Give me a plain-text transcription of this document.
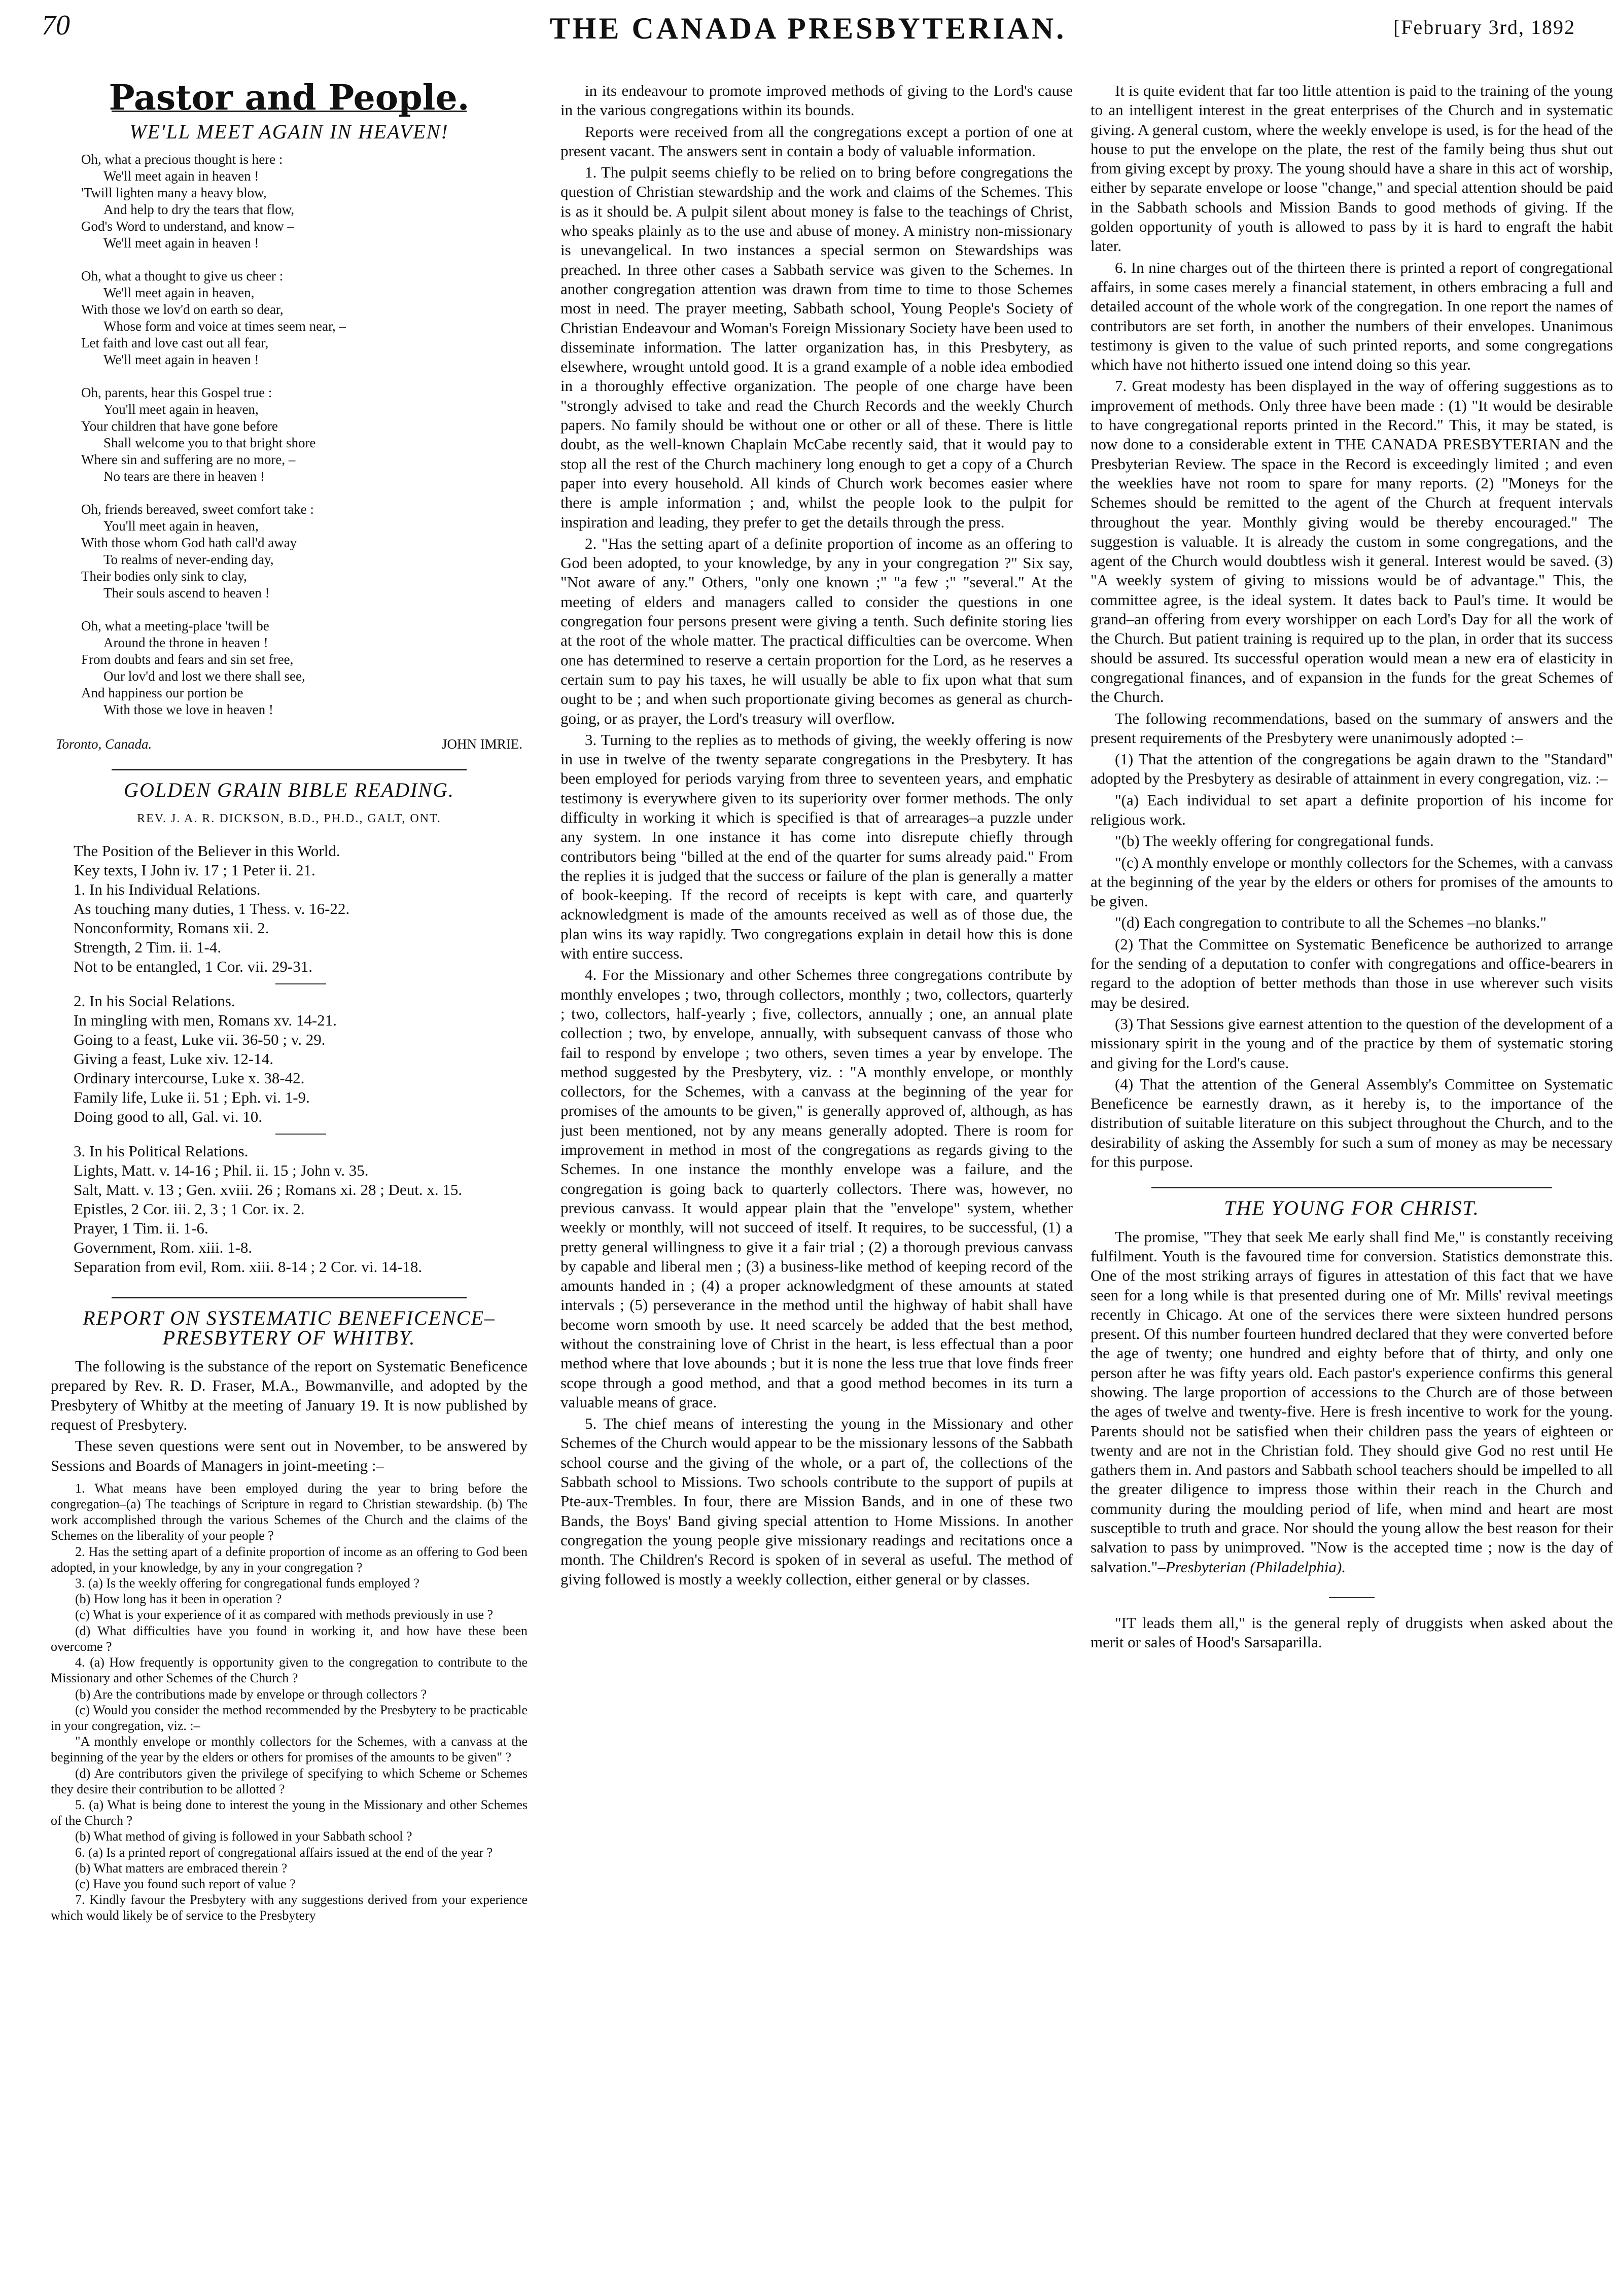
70	THE CANADA PRESBYTERIAN.	[February 3rd, 1892
Pastor and People.
WE'LL MEET AGAIN IN HEAVEN!
Oh, what a precious thought is here :
We'll meet again in heaven !
'Twill lighten many a heavy blow,
And help to dry the tears that flow,
God's Word to understand, and know –
We'll meet again in heaven !
Oh, what a thought to give us cheer :
We'll meet again in heaven,
With those we lov'd on earth so dear,
Whose form and voice at times seem near, –
Let faith and love cast out all fear,
We'll meet again in heaven !
Oh, parents, hear this Gospel true :
You'll meet again in heaven,
Your children that have gone before
Shall welcome you to that bright shore
Where sin and suffering are no more, –
No tears are there in heaven !
Oh, friends bereaved, sweet comfort take :
You'll meet again in heaven,
With those whom God hath call'd away
To realms of never-ending day,
Their bodies only sink to clay,
Their souls ascend to heaven !
Oh, what a meeting-place 'twill be
Around the throne in heaven !
From doubts and fears and sin set free,
Our lov'd and lost we there shall see,
And happiness our portion be
With those we love in heaven !
Toronto, Canada.	JOHN IMRIE.
GOLDEN GRAIN BIBLE READING.
REV. J. A. R. DICKSON, B.D., PH.D., GALT, ONT.
The Position of the Believer in this World.
Key texts, I John iv. 17 ; 1 Peter ii. 21.
1. In his Individual Relations.
As touching many duties, 1 Thess. v. 16-22.
Nonconformity, Romans xii. 2.
Strength, 2 Tim. ii. 1-4.
Not to be entangled, 1 Cor. vii. 29-31.
2. In his Social Relations.
In mingling with men, Romans xv. 14-21.
Going to a feast, Luke vii. 36-50 ; v. 29.
Giving a feast, Luke xiv. 12-14.
Ordinary intercourse, Luke x. 38-42.
Family life, Luke ii. 51 ; Eph. vi. 1-9.
Doing good to all, Gal. vi. 10.
3. In his Political Relations.
Lights, Matt. v. 14-16 ; Phil. ii. 15 ; John v. 35.
Salt, Matt. v. 13 ; Gen. xviii. 26 ; Romans xi. 28 ; Deut. x. 15.
Epistles, 2 Cor. iii. 2, 3 ; 1 Cor. ix. 2.
Prayer, 1 Tim. ii. 1-6.
Government, Rom. xiii. 1-8.
Separation from evil, Rom. xiii. 8-14 ; 2 Cor. vi. 14-18.
REPORT ON SYSTEMATIC BENEFICENCE– PRESBYTERY OF WHITBY.

The following is the substance of the report on Systematic Beneficence prepared by Rev. R. D. Fraser, M.A., Bowmanville, and adopted by the Presbytery of Whitby at the meeting of January 19. It is now published by request of Presbytery.

These seven questions were sent out in November, to be answered by Sessions and Boards of Managers in joint-meeting :–

1. What means have been employed during the year to bring before the congregation–(a) The teachings of Scripture in regard to Christian stewardship. (b) The work accomplished through the various Schemes of the Church and the claims of the Schemes on the liberality of your people ?

2. Has the setting apart of a definite proportion of income as an offering to God been adopted, in your knowledge, by any in your congregation ?

3. (a) Is the weekly offering for congregational funds employed ?

(b) How long has it been in operation ?

(c) What is your experience of it as compared with methods previously in use ?

(d) What difficulties have you found in working it, and how have these been overcome ?

4. (a) How frequently is opportunity given to the congregation to contribute to the Missionary and other Schemes of the Church ?

(b) Are the contributions made by envelope or through collectors ?

(c) Would you consider the method recommended by the Presbytery to be practicable in your congregation, viz. :–

"A monthly envelope or monthly collectors for the Schemes, with a canvass at the beginning of the year by the elders or others for promises of the amounts to be given" ?

(d) Are contributors given the privilege of specifying to which Scheme or Schemes they desire their contribution to be allotted ?

5. (a) What is being done to interest the young in the Missionary and other Schemes of the Church ?

(b) What method of giving is followed in your Sabbath school ?

6. (a) Is a printed report of congregational affairs issued at the end of the year ?

(b) What matters are embraced therein ?

(c) Have you found such report of value ?

7. Kindly favour the Presbytery with any suggestions derived from your experience which would likely be of service to the Presbytery

in its endeavour to promote improved methods of giving to the Lord's cause in the various congregations within its bounds.

Reports were received from all the congregations except a portion of one at present vacant. The answers sent in contain a body of valuable information.

1. The pulpit seems chiefly to be relied on to bring before congregations the question of Christian stewardship and the work and claims of the Schemes. This is as it should be. A pulpit silent about money is false to the teachings of Christ, who speaks plainly as to the use and abuse of money. A ministry non-missionary is unevangelical. In two instances a special sermon on Stewardships was preached. In three other cases a Sabbath service was given to the Schemes. In another congregation attention was drawn from time to time to those Schemes most in need. The prayer meeting, Sabbath school, Young People's Society of Christian Endeavour and Woman's Foreign Missionary Society have been used to disseminate information. The latter organization has, in this Presbytery, as elsewhere, wrought untold good. It is a grand example of a noble idea embodied in a thoroughly effective organization. The people of one charge have been "strongly advised to take and read the Church Records and the weekly Church papers. No family should be without one or other or all of these. There is little doubt, as the well-known Chaplain McCabe recently said, that it would pay to stop all the rest of the Church machinery long enough to get a copy of a Church paper into every household. All kinds of Church work becomes easier where there is ample information ; and, whilst the people look to the pulpit for inspiration and leading, they prefer to get the details through the press.

2. "Has the setting apart of a definite proportion of income as an offering to God been adopted, to your knowledge, by any in your congregation ?" Six say, "Not aware of any." Others, "only one known ;" "a few ;" "several." At the meeting of elders and managers called to consider the questions in one congregation four persons present were giving a tenth. Such definite storing lies at the root of the whole matter. The practical difficulties can be overcome. When one has determined to reserve a certain proportion for the Lord, as he reserves a certain sum to pay his taxes, he will usually be able to fix upon what that sum ought to be ; and when such proportionate giving becomes as general as church-going, or as prayer, the Lord's treasury will overflow.

3. Turning to the replies as to methods of giving, the weekly offering is now in use in twelve of the twenty separate congregations in the Presbytery. It has been employed for periods varying from three to seventeen years, and emphatic testimony is everywhere given to its superiority over former methods. The only difficulty in working it which is specified is that of arrearages–a puzzle under any system. In one instance it has come into disrepute chiefly through contributors being "billed at the end of the quarter for sums already paid." From the replies it is judged that the success or failure of the plan is generally a matter of book-keeping. If the record of receipts is kept with care, and quarterly acknowledgment is made of the amounts received as well as of those due, the plan wins its way rapidly. Two congregations explain in detail how this is done with entire success.

4. For the Missionary and other Schemes three congregations contribute by monthly envelopes ; two, through collectors, monthly ; two, collectors, quarterly ; two, collectors, half-yearly ; five, collectors, annually ; one, an annual plate collection ; two, by envelope, annually, with subsequent canvass of those who fail to respond by envelope ; two others, seven times a year by envelope. The method suggested by the Presbytery, viz. : "A monthly envelope, or monthly collectors, for the Schemes, with a canvass at the beginning of the year for promises of the amounts to be given," is generally approved of, although, as has just been mentioned, not by any means generally adopted. There is room for improvement in method in most of the congregations as regards giving to the Schemes. In one instance the monthly envelope was a failure, and the congregation is going back to quarterly collectors. There was, however, no previous canvass. It would appear plain that the "envelope" system, whether weekly or monthly, will not succeed of itself. It requires, to be successful, (1) a pretty general willingness to give it a fair trial ; (2) a thorough previous canvass by capable and liberal men ; (3) a business-like method of keeping record of the amounts handed in ; (4) a proper acknowledgment of these amounts at stated intervals ; (5) perseverance in the method until the highway of habit shall have become worn smooth by use. It need scarcely be added that the best method, without the constraining love of Christ in the heart, is less effectual than a poor method where that love abounds ; but it is none the less true that love finds freer scope through a good method, and that a good method becomes in its turn a valuable means of grace.

5. The chief means of interesting the young in the Missionary and other Schemes of the Church would appear to be the missionary lessons of the Sabbath school course and the giving of the whole, or a part of, the collections of the Sabbath school to Missions. Two schools contribute to the support of pupils at Pte-aux-Trembles. In four, there are Mission Bands, and in one of these two Bands, the Boys' Band giving special attention to Home Missions. In another congregation the young people give missionary readings and recitations once a month. The Children's Record is spoken of in several as useful. The method of giving followed is mostly a weekly collection, either general or by classes.

It is quite evident that far too little attention is paid to the training of the young to an intelligent interest in the great enterprises of the Church and in systematic giving. A general custom, where the weekly envelope is used, is for the head of the house to put the envelope on the plate, the rest of the family being thus shut out from giving except by proxy. The young should have a share in this act of worship, either by separate envelope or loose "change," and special attention should be paid in the Sabbath schools and Mission Bands to good methods of giving. If the golden opportunity of youth is allowed to pass by it is hard to engraft the habit later.

6. In nine charges out of the thirteen there is printed a report of congregational affairs, in some cases merely a financial statement, in others embracing a full and detailed account of the whole work of the congregation. In one report the names of contributors are set forth, in another the numbers of their envelopes. Unanimous testimony is given to the value of such printed reports, and some congregations which have not hitherto issued one intend doing so this year.

7. Great modesty has been displayed in the way of offering suggestions as to improvement of methods. Only three have been made : (1) "It would be desirable to have congregational reports printed in the Record." This, it may be stated, is now done to a considerable extent in THE CANADA PRESBYTERIAN and the Presbyterian Review. The space in the Record is exceedingly limited ; and even the weeklies have not room to spare for many reports. (2) "Moneys for the Schemes should be remitted to the agent of the Church at frequent intervals throughout the year. Monthly giving would be thereby encouraged." The suggestion is valuable. It is already the custom in some congregations, and the agent of the Church would doubtless wish it general. Interest would be saved. (3) "A weekly system of giving to missions would be of advantage." This, the committee agree, is the ideal system. It dates back to Paul's time. It would be grand–an offering from every worshipper on each Lord's Day for all the work of the Church. But patient training is required up to the plan, in order that its success should be assured. Its successful operation would mean a new era of elasticity in congregational finances, and of expansion in the funds for the great Schemes of the Church.

The following recommendations, based on the summary of answers and the present requirements of the Presbytery were unanimously adopted :–

(1) That the attention of the congregations be again drawn to the "Standard" adopted by the Presbytery as desirable of attainment in every congregation, viz. :–

"(a) Each individual to set apart a definite proportion of his income for religious work.

"(b) The weekly offering for congregational funds.

"(c) A monthly envelope or monthly collectors for the Schemes, with a canvass at the beginning of the year by the elders or others for promises of the amounts to be given.

"(d) Each congregation to contribute to all the Schemes –no blanks."

(2) That the Committee on Systematic Beneficence be authorized to arrange for the sending of a deputation to confer with congregations and office-bearers in regard to the adoption of better methods than those in use wherever such visits may be desired.

(3) That Sessions give earnest attention to the question of the development of a missionary spirit in the young and of the practice by them of systematic storing and giving for the Lord's cause.

(4) That the attention of the General Assembly's Committee on Systematic Beneficence be earnestly drawn, as it hereby is, to the importance of the distribution of suitable literature on this subject throughout the Church, and to the desirability of asking the Assembly for such a sum of money as may be necessary for this purpose.

THE YOUNG FOR CHRIST.

The promise, "They that seek Me early shall find Me," is constantly receiving fulfilment. Youth is the favoured time for conversion. Statistics demonstrate this. One of the most striking arrays of figures in attestation of this fact that we have seen for a long while is that presented during one of Mr. Mills' revival meetings recently in Chicago. At one of the services there were sixteen hundred persons present. Of this number fourteen hundred declared that they were converted before the age of twenty; one hundred and eighty before that of thirty, and only one person after he was fifty years old. Each pastor's experience confirms this general showing. The large proportion of accessions to the Church are of those between the ages of twelve and twenty-five. Here is fresh incentive to work for the young. Parents should not be satisfied when their children pass the years of eighteen or twenty and are not in the Christian fold. They should give God no rest until He gathers them in. And pastors and Sabbath school teachers should be impelled to all the greater diligence to impress those within their reach in the Church and community during the moulding period of life, when mind and heart are most susceptible to truth and grace. Nor should the young allow the best reason for their salvation to pass by unimproved. "Now is the accepted time ; now is the day of salvation."–Presbyterian (Philadelphia).

"IT leads them all," is the general reply of druggists when asked about the merit or sales of Hood's Sarsaparilla.
